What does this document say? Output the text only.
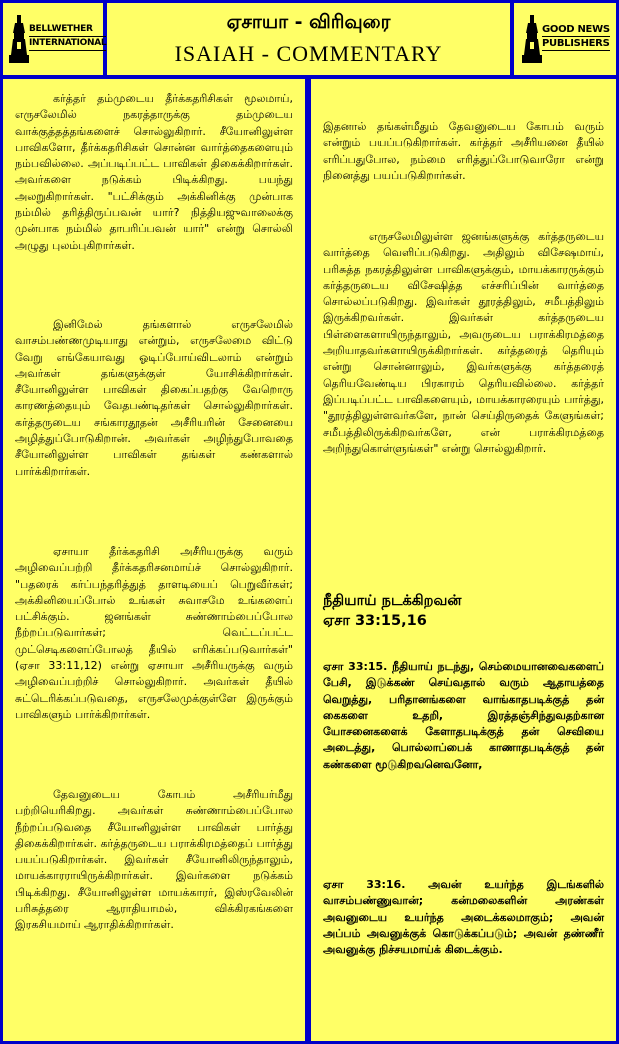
BELLWETHER
INTERNATIONAL
ஏசாயா - விரிவுரை
ISAIAH - COMMENTARY
GOOD NEWS
PUBLISHERS

கர்த்தர் தம்முடைய தீர்க்கதரிசிகள் மூலமாய், எருசலேமில் நகரத்தாருக்கு தம்முடைய வாக்குத்தத்தங்களைச் சொல்லுகிறார். சீயோனிலுள்ள பாவிகளோ, தீர்க்கதரிசிகள் சொன்ன வார்த்தைகளையும் நம்பவில்லை. அப்படிப்பட்ட பாவிகள் திகைக்கிறார்கள். அவர்களை நடுக்கம் பிடிக்கிறது. பயந்து அலறுகிறார்கள். "பட்சிக்கும் அக்கினிக்கு முன்பாக நம்மில் தரித்திருப்பவன் யார்? நித்தியஜுவாலைக்கு முன்பாக நம்மில் தாபரிப்பவன் யார்" என்று சொல்லி அழுது புலம்புகிறார்கள்.

இனிமேல் தங்களால் எருசலேமில் வாசம்பண்ணமுடியாது என்றும், எருசலேமை விட்டு வேறு எங்கேயாவது ஓடிப்போய்விடலாம் என்றும் அவர்கள் தங்களுக்குள் யோசிக்கிறார்கள். சீயோனிலுள்ள பாவிகள் திகைப்பதற்கு வேறொரு காரணத்தையும் வேதபண்டிதர்கள் சொல்லுகிறார்கள். கர்த்தருடைய சங்காரதூதன் அசீரியரின் சேனையை அழித்துப்போடுகிறான். அவர்கள் அழிந்துபோவதை சீயோனிலுள்ள பாவிகள் தங்கள் கண்களால் பார்க்கிறார்கள்.

ஏசாயா தீர்க்கதரிசி அசீரியருக்கு வரும் அழிவைப்பற்றி தீர்க்கதரிசனமாய்ச் சொல்லுகிறார். "பதரைக் கர்ப்பந்தரித்துத் தாளடியைப் பெறுவீர்கள்; அக்கினியைப்போல் உங்கள் சுவாசமே உங்களைப் பட்சிக்கும். ஜனங்கள் சுண்ணாம்பைப்போல நீற்றப்படுவார்கள்; வெட்டப்பட்ட முட்செடிகளைப்போலத் தீயில் எரிக்கப்படுவார்கள்" (ஏசா 33:11,12) என்று ஏசாயா அசீரியருக்கு வரும் அழிவைப்பற்றிச் சொல்லுகிறார். அவர்கள் தீயில் சுட்டெரிக்கப்படுவதை, எருசலேமுக்குள்ளே இருக்கும் பாவிகளும் பார்க்கிறார்கள்.

தேவனுடைய கோபம் அசீரியர்மீது பற்றியெரிகிறது. அவர்கள் சுண்ணாம்பைப்போல நீற்றப்படுவதை சீயோனிலுள்ள பாவிகள் பார்த்து திகைக்கிறார்கள். கர்த்தருடைய பராக்கிரமத்தைப் பார்த்து பயப்படுகிறார்கள். இவர்கள் சீயோனிலிருந்தாலும், மாயக்காரராயிருக்கிறார்கள். இவர்களை நடுக்கம் பிடிக்கிறது. சீயோனிலுள்ள மாயக்காரர், இஸ்ரவேலின் பரிசுத்தரை ஆராதியாமல், விக்கிரகங்களை இரகசியமாய் ஆராதிக்கிறார்கள்.

இதனால் தங்கள்மீதும் தேவனுடைய கோபம் வரும் என்றும் பயப்படுகிறார்கள். கர்த்தர் அசீரியனை தீயில் எரிப்பதுபோல, நம்மை எரித்துப்போடுவாரோ என்று நினைத்து பயப்படுகிறார்கள்.

எருசலேமிலுள்ள ஜனங்களுக்கு கர்த்தருடைய வார்த்தை வெளிப்படுகிறது. அதிலும் விசேஷமாய், பரிசுத்த நகரத்திலுள்ள பாவிகளுக்கும், மாயக்காரருக்கும் கர்த்தருடைய விசேஷித்த எச்சரிப்பின் வார்த்தை சொல்லப்படுகிறது. இவர்கள் தூரத்திலும், சமீபத்திலும் இருக்கிறவர்கள். இவர்கள் கர்த்தருடைய பிள்ளைகளாயிருந்தாலும், அவருடைய பராக்கிரமத்தை அறியாதவர்களாயிருக்கிறார்கள். கர்த்தரைத் தெரியும் என்று சொன்னாலும், இவர்களுக்கு கர்த்தரைத் தெரியவேண்டிய பிரகாரம் தெரியவில்லை. கர்த்தர் இப்படிப்பட்ட பாவிகளையும், மாயக்காரரையும் பார்த்து, "தூரத்திலுள்ளவர்களே, நான் செய்திருதைக் கேளுங்கள்; சமீபத்திலிருக்கிறவர்களே, என் பராக்கிரமத்தை அறிந்துகொள்ளுங்கள்" என்று சொல்லுகிறார்.

நீதியாய் நடக்கிறவன்
ஏசா 33:15,16

ஏசா 33:15. நீதியாய் நடந்து, செம்மையானவைகளைப் பேசி, இடுக்கண் செய்வதால் வரும் ஆதாயத்தை வெறுத்து, பரிதானங்களை வாங்காதபடிக்குத் தன் கைகளை உதறி, இரத்தஞ்சிந்துவதற்கான யோசனைகளைக் கேளாதபடிக்குத் தன் செவியை அடைத்து, பொல்லாப்பைக் காணாதபடிக்குத் தன் கண்களை மூடுகிறவனெவனோ,

ஏசா 33:16. அவன் உயர்ந்த இடங்களில் வாசம்பண்ணுவான்; கன்மலைகளின் அரண்கள் அவனுடைய உயர்ந்த அடைக்கலமாகும்; அவன் அப்பம் அவனுக்குக் கொடுக்கப்படும்; அவன் தண்ணீர் அவனுக்கு நிச்சயமாய்க் கிடைக்கும்.
